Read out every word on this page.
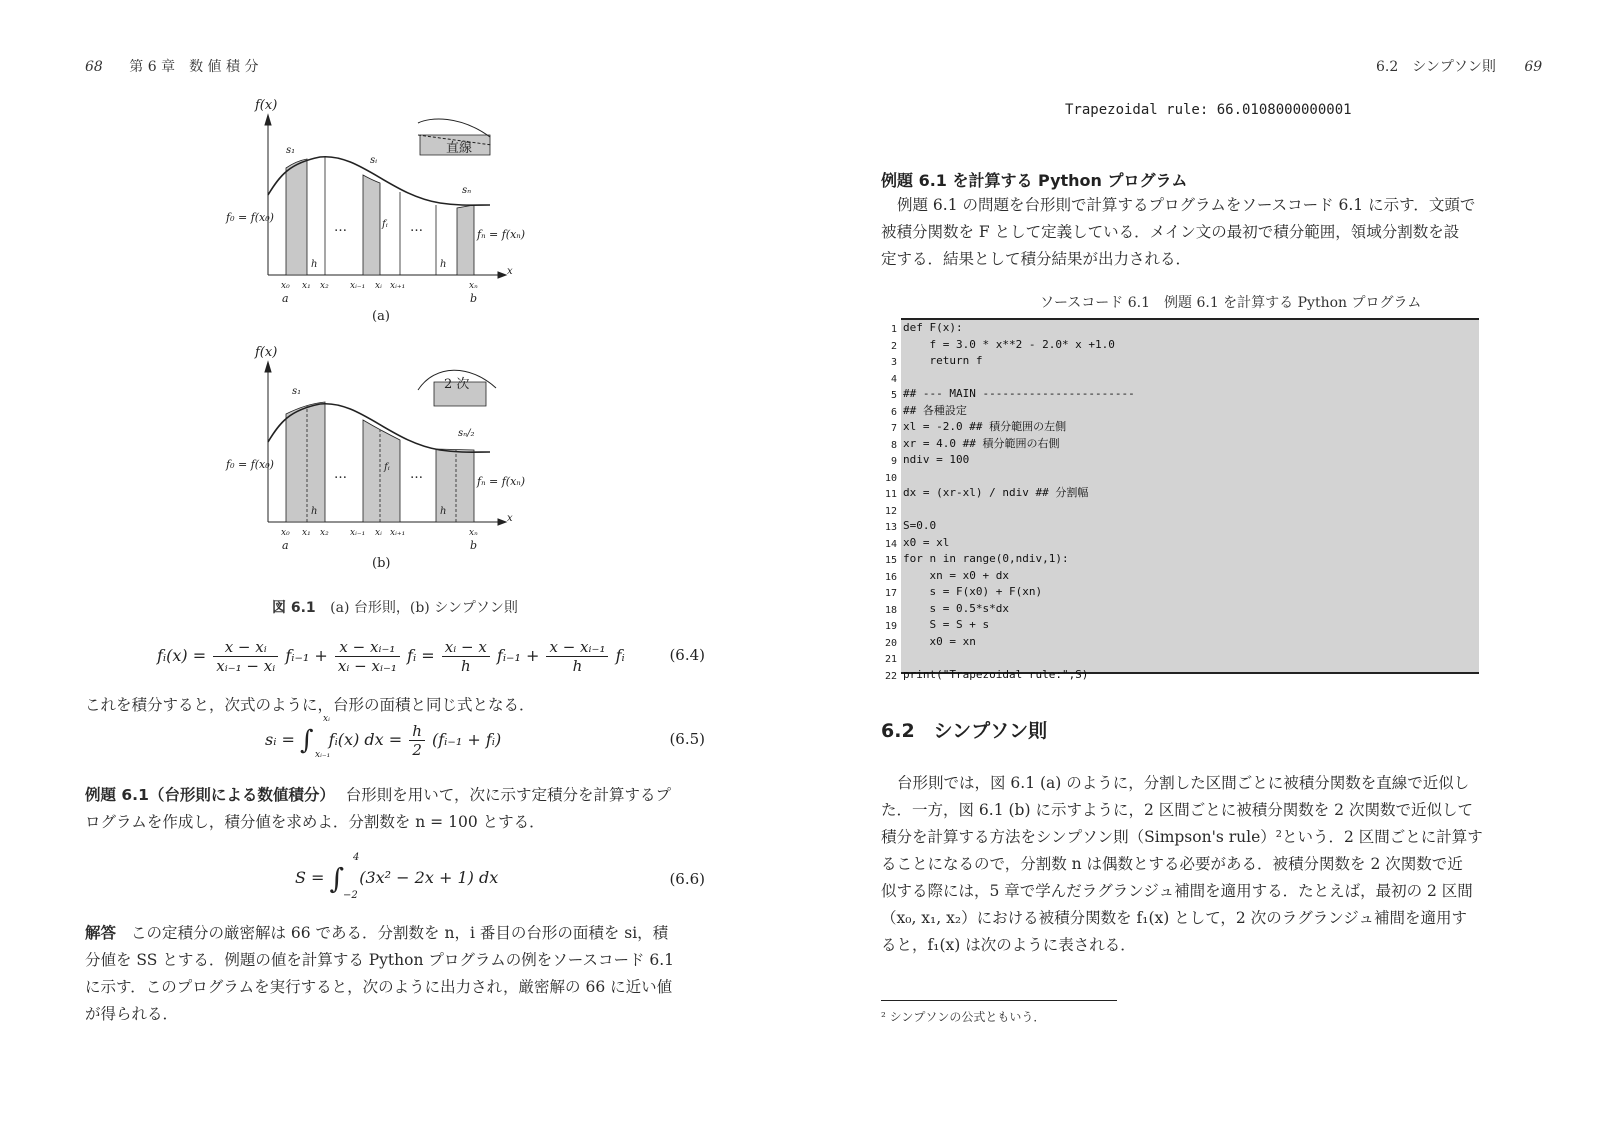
68 第 6 章　数 値 積 分
f(x)
s₁
sᵢ
sₙ
直線
f₀ = f(x₀)
fₙ = f(xₙ)
fᵢ
…	…
h	h
x
x₀ x₁ x₂ xᵢ₋₁ xᵢ xᵢ₊₁	xₙ
a	b
(a)
f(x)
s₁
sₙ/₂
2 次
f₀ = f(x₀)
fₙ = f(xₙ)
fᵢ
…	…
h	h
x
x₀ x₁ x₂ xᵢ₋₁ xᵢ xᵢ₊₁	xₙ
a	b
(b)
図 6.1 (a) 台形則，(b) シンプソン則
fᵢ(x) = $\frac{\text{x − xᵢ}}{\text{xᵢ₋₁ − xᵢ}}$ fᵢ₋₁ + $\frac{\text{x − xᵢ₋₁}}{\text{xᵢ − xᵢ₋₁}}$ fᵢ = $\frac{\text{xᵢ − x}}{h}$ fᵢ₋₁ + $\frac{\text{x − xᵢ₋₁}}{h}$ fᵢ	(6.4)
これを積分すると，次式のように，台形の面積と同じ式となる．
sᵢ = ∫
xᵢ
xᵢ₋₁
fᵢ(x) dx = $\frac{h}{2}$ (fᵢ₋₁ + fᵢ)	(6.5)
例題 6.1（台形則による数値積分） 台形則を用いて，次に示す定積分を計算するプ
ログラムを作成し，積分値を求めよ．分割数を n = 100 とする．
S = ∫
4
−2
(3x² − 2x + 1) dx	(6.6)
解答 この定積分の厳密解は 66 である．分割数を n，i 番目の台形の面積を si，積
分値を SS とする．例題の値を計算する Python プログラムの例をソースコード 6.1
に示す．このプログラムを実行すると，次のように出力され，厳密解の 66 に近い値
が得られる．
6.2　シンプソン則 69
Trapezoidal rule: 66.0108000000001
例題 6.1 を計算する Python プログラム
例題 6.1 の問題を台形則で計算するプログラムをソースコード 6.1 に示す．文頭で
被積分関数を F として定義している．メイン文の最初で積分範囲，領域分割数を設
定する．結果として積分結果が出力される．
ソースコード 6.1　例題 6.1 を計算する Python プログラム
1
2
3
4
5
6
7
8
9
10
11
12
13
14
15
16
17
18
19
20
21
22
def F(x):
f = 3.0 * x**2 - 2.0* x +1.0
return f

## --- MAIN -----------------------
## 各種設定
xl = -2.0 ## 積分範囲の左側
xr = 4.0 ## 積分範囲の右側
ndiv = 100

dx = (xr-xl) / ndiv ## 分割幅

S=0.0
x0 = xl
for n in range(0,ndiv,1):
xn = x0 + dx
s = F(x0) + F(xn)
s = 0.5*s*dx
S = S + s
x0 = xn

print("Trapezoidal rule:",S)
6.2　シンプソン則
台形則では，図 6.1 (a) のように，分割した区間ごとに被積分関数を直線で近似し
た．一方，図 6.1 (b) に示すように，2 区間ごとに被積分関数を 2 次関数で近似して
積分を計算する方法をシンプソン則（Simpson's rule）²という．2 区間ごとに計算す
ることになるので，分割数 n は偶数とする必要がある．被積分関数を 2 次関数で近
似する際には，5 章で学んだラグランジュ補間を適用する．たとえば，最初の 2 区間
（x₀, x₁, x₂）における被積分関数を f₁(x) として，2 次のラグランジュ補間を適用す
ると，f₁(x) は次のように表される．
² シンプソンの公式ともいう．
